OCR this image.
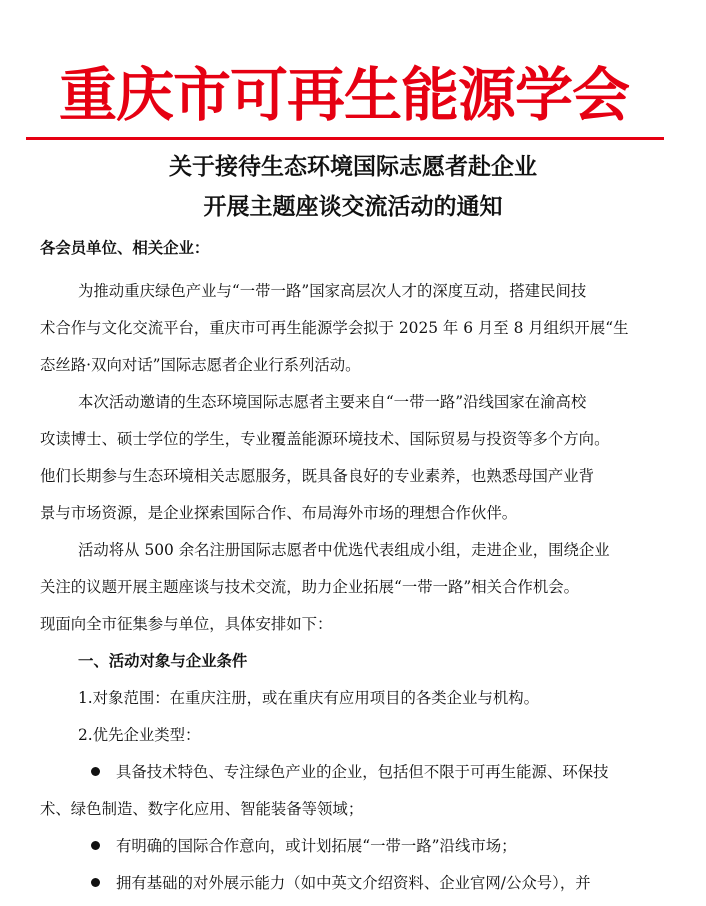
重庆市可再生能源学会
关于接待生态环境国际志愿者赴企业
开展主题座谈交流活动的通知
各会员单位、相关企业：
为推动重庆绿色产业与“一带一路”国家高层次人才的深度互动，搭建民间技
术合作与文化交流平台，重庆市可再生能源学会拟于 2025 年 6 月至 8 月组织开展“生
态丝路·双向对话”国际志愿者企业行系列活动。
本次活动邀请的生态环境国际志愿者主要来自“一带一路”沿线国家在渝高校
攻读博士、硕士学位的学生，专业覆盖能源环境技术、国际贸易与投资等多个方向。
他们长期参与生态环境相关志愿服务，既具备良好的专业素养，也熟悉母国产业背
景与市场资源，是企业探索国际合作、布局海外市场的理想合作伙伴。
活动将从 500 余名注册国际志愿者中优选代表组成小组，走进企业，围绕企业
关注的议题开展主题座谈与技术交流，助力企业拓展“一带一路”相关合作机会。
现面向全市征集参与单位，具体安排如下：
一、活动对象与企业条件
1.对象范围：在重庆注册，或在重庆有应用项目的各类企业与机构。
2.优先企业类型：
具备技术特色、专注绿色产业的企业，包括但不限于可再生能源、环保技
术、绿色制造、数字化应用、智能装备等领域；
有明确的国际合作意向，或计划拓展“一带一路”沿线市场；
拥有基础的对外展示能力（如中英文介绍资料、企业官网/公众号），并
